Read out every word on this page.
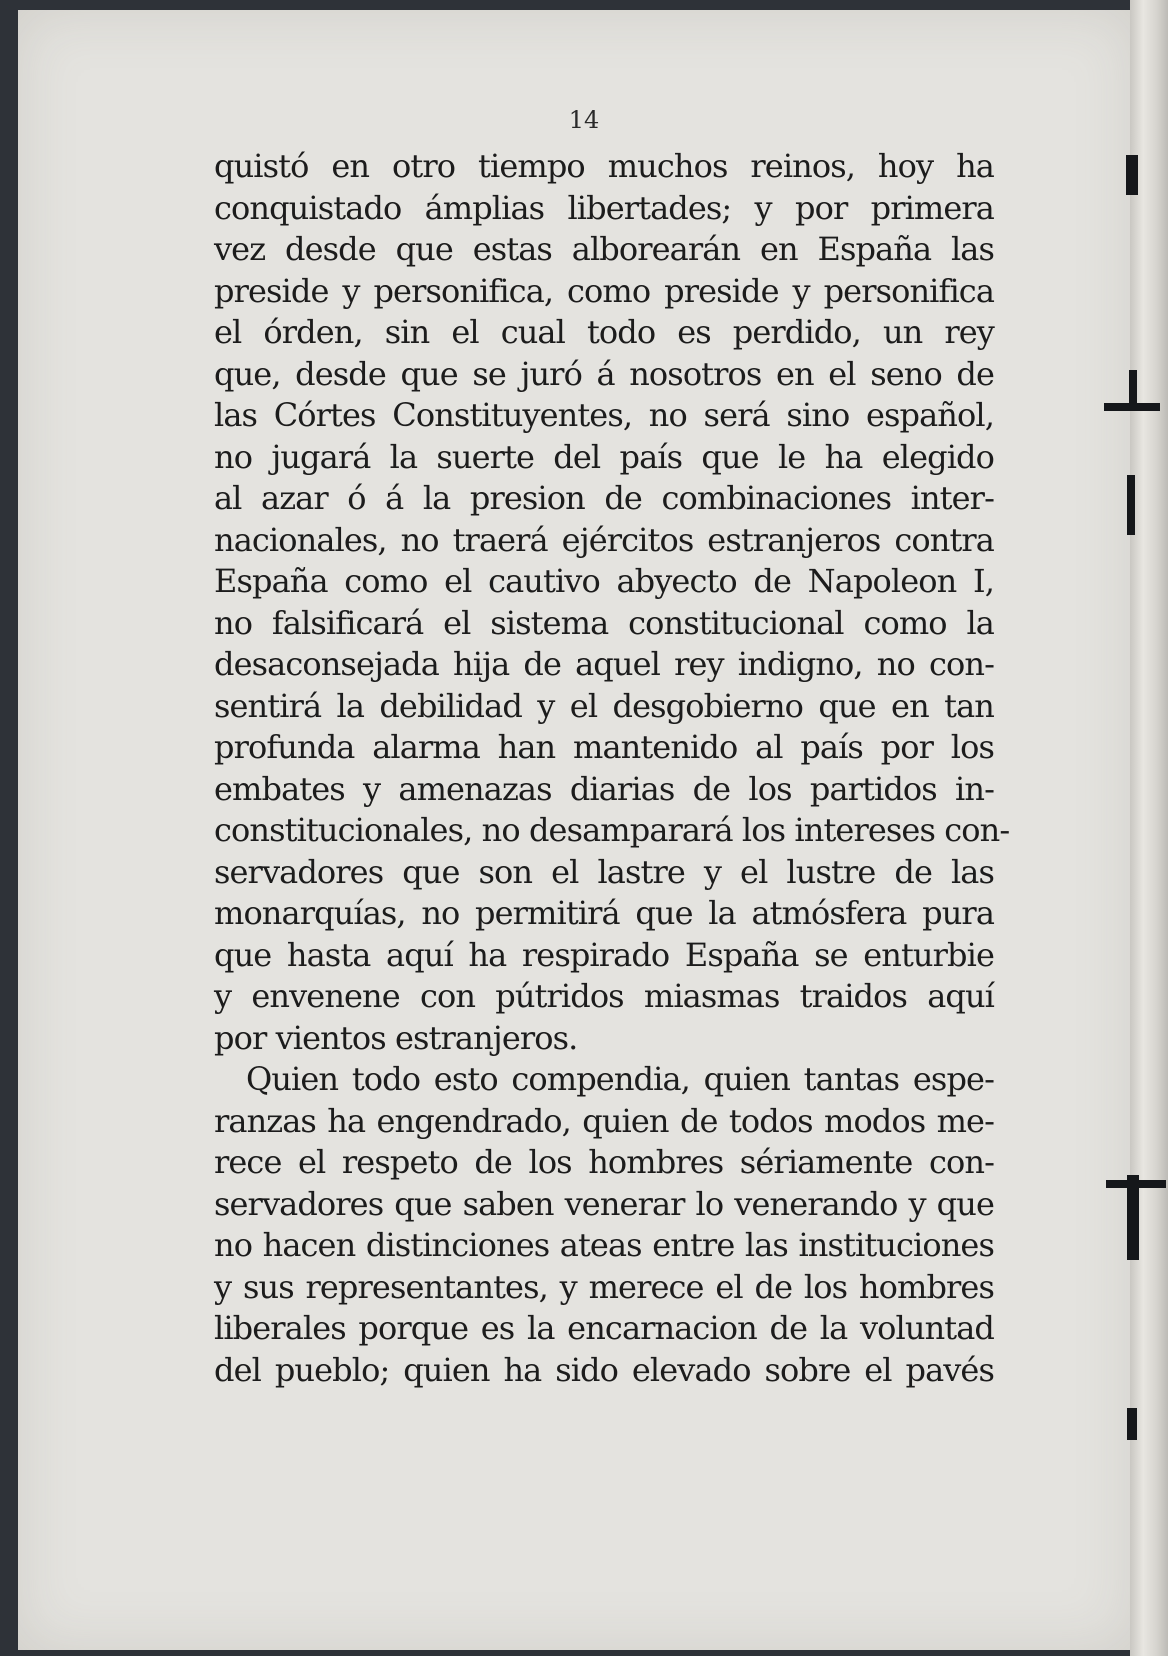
14
quistó en otro tiempo muchos reinos, hoy ha
conquistado ámplias libertades; y por primera
vez desde que estas alborearán en España las
preside y personifica, como preside y personifica
el órden, sin el cual todo es perdido, un rey
que, desde que se juró á nosotros en el seno de
las Córtes Constituyentes, no será sino español,
no jugará la suerte del país que le ha elegido
al azar ó á la presion de combinaciones inter-
nacionales, no traerá ejércitos estranjeros contra
España como el cautivo abyecto de Napoleon I,
no falsificará el sistema constitucional como la
desaconsejada hija de aquel rey indigno, no con-
sentirá la debilidad y el desgobierno que en tan
profunda alarma han mantenido al país por los
embates y amenazas diarias de los partidos in-
constitucionales, no desamparará los intereses con-
servadores que son el lastre y el lustre de las
monarquías, no permitirá que la atmósfera pura
que hasta aquí ha respirado España se enturbie
y envenene con pútridos miasmas traidos aquí
por vientos estranjeros.
Quien todo esto compendia, quien tantas espe-
ranzas ha engendrado, quien de todos modos me-
rece el respeto de los hombres sériamente con-
servadores que saben venerar lo venerando y que
no hacen distinciones ateas entre las instituciones
y sus representantes, y merece el de los hombres
liberales porque es la encarnacion de la voluntad
del pueblo; quien ha sido elevado sobre el pavés
